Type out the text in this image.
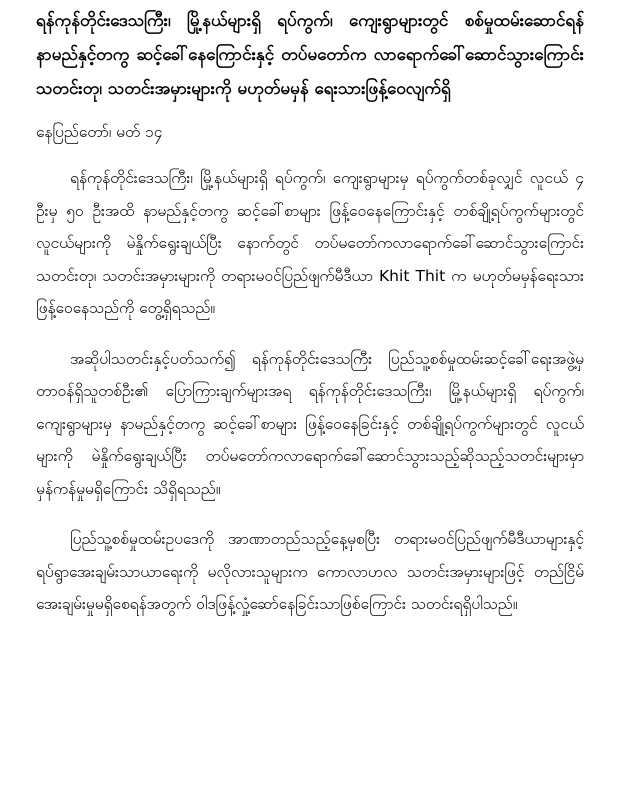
ရန်ကုန်တိုင်းဒေသကြီး၊ မြို့နယ်များရှိ ရပ်ကွက်၊ ကျေးရွာများတွင် စစ်မှုထမ်းဆောင်ရန် နာမည်နှင့်တကွ ဆင့်ခေါ်နေကြောင်းနှင့် တပ်မတော်က လာရောက်ခေါ်ဆောင်သွားကြောင်း သတင်းတု၊ သတင်းအမှားများကို မဟုတ်မမှန် ရေးသားဖြန့်ဝေလျက်ရှိ

နေပြည်တော်၊ မတ် ၁၄

ရန်ကုန်တိုင်းဒေသကြီး၊ မြို့နယ်များရှိ ရပ်ကွက်၊ ကျေးရွာများမှ ရပ်ကွက်တစ်ခုလျှင် လူငယ် ၄ ဦးမှ ၅၀ ဦးအထိ နာမည်နှင့်တကွ ဆင့်ခေါ်စာများ ဖြန့်ဝေနေကြောင်းနှင့် တစ်ချို့ရပ်ကွက်များတွင် လူငယ်များကို မဲနှိုက်ရွေးချယ်ပြီး နောက်တွင် တပ်မတော်ကလာရောက်ခေါ်ဆောင်သွားကြောင်း သတင်းတု၊ သတင်းအမှားများကို တရားမဝင်ပြည်ဖျက်မီဒီယာ Khit Thit က မဟုတ်မမှန်ရေးသားဖြန့်ဝေနေသည်ကို တွေ့ရှိရသည်။

အဆိုပါသတင်းနှင့်ပတ်သက်၍ ရန်ကုန်တိုင်းဒေသကြီး ပြည်သူ့စစ်မှုထမ်းဆင့်ခေါ်ရေးအဖွဲ့မှ တာဝန်ရှိသူတစ်ဦး၏ ပြောကြားချက်များအရ ရန်ကုန်တိုင်းဒေသကြီး၊ မြို့နယ်များရှိ ရပ်ကွက်၊ ကျေးရွာများမှ နာမည်နှင့်တကွ ဆင့်ခေါ်စာများ ဖြန့်ဝေနေခြင်းနှင့် တစ်ချို့ရပ်ကွက်များတွင် လူငယ်များကို မဲနှိုက်ရွေးချယ်ပြီး တပ်မတော်ကလာရောက်ခေါ်ဆောင်သွားသည့်ဆိုသည့်သတင်းများမှာ မှန်ကန်မှုမရှိကြောင်း သိရှိရသည်။

ပြည်သူ့စစ်မှုထမ်းဥပဒေကို အာဏာတည်သည့်နေ့မှစပြီး တရားမဝင်ပြည်ဖျက်မီဒီယာများနှင့် ရပ်ရွာအေးချမ်းသာယာရေးကို မလိုလားသူများက ကောလာဟလ သတင်းအမှားများဖြင့် တည်ငြိမ်အေးချမ်းမှုမရှိစေရန်အတွက် ဝါဒဖြန့်လှုံ့ဆော်နေခြင်းသာဖြစ်ကြောင်း သတင်းရရှိပါသည်။
